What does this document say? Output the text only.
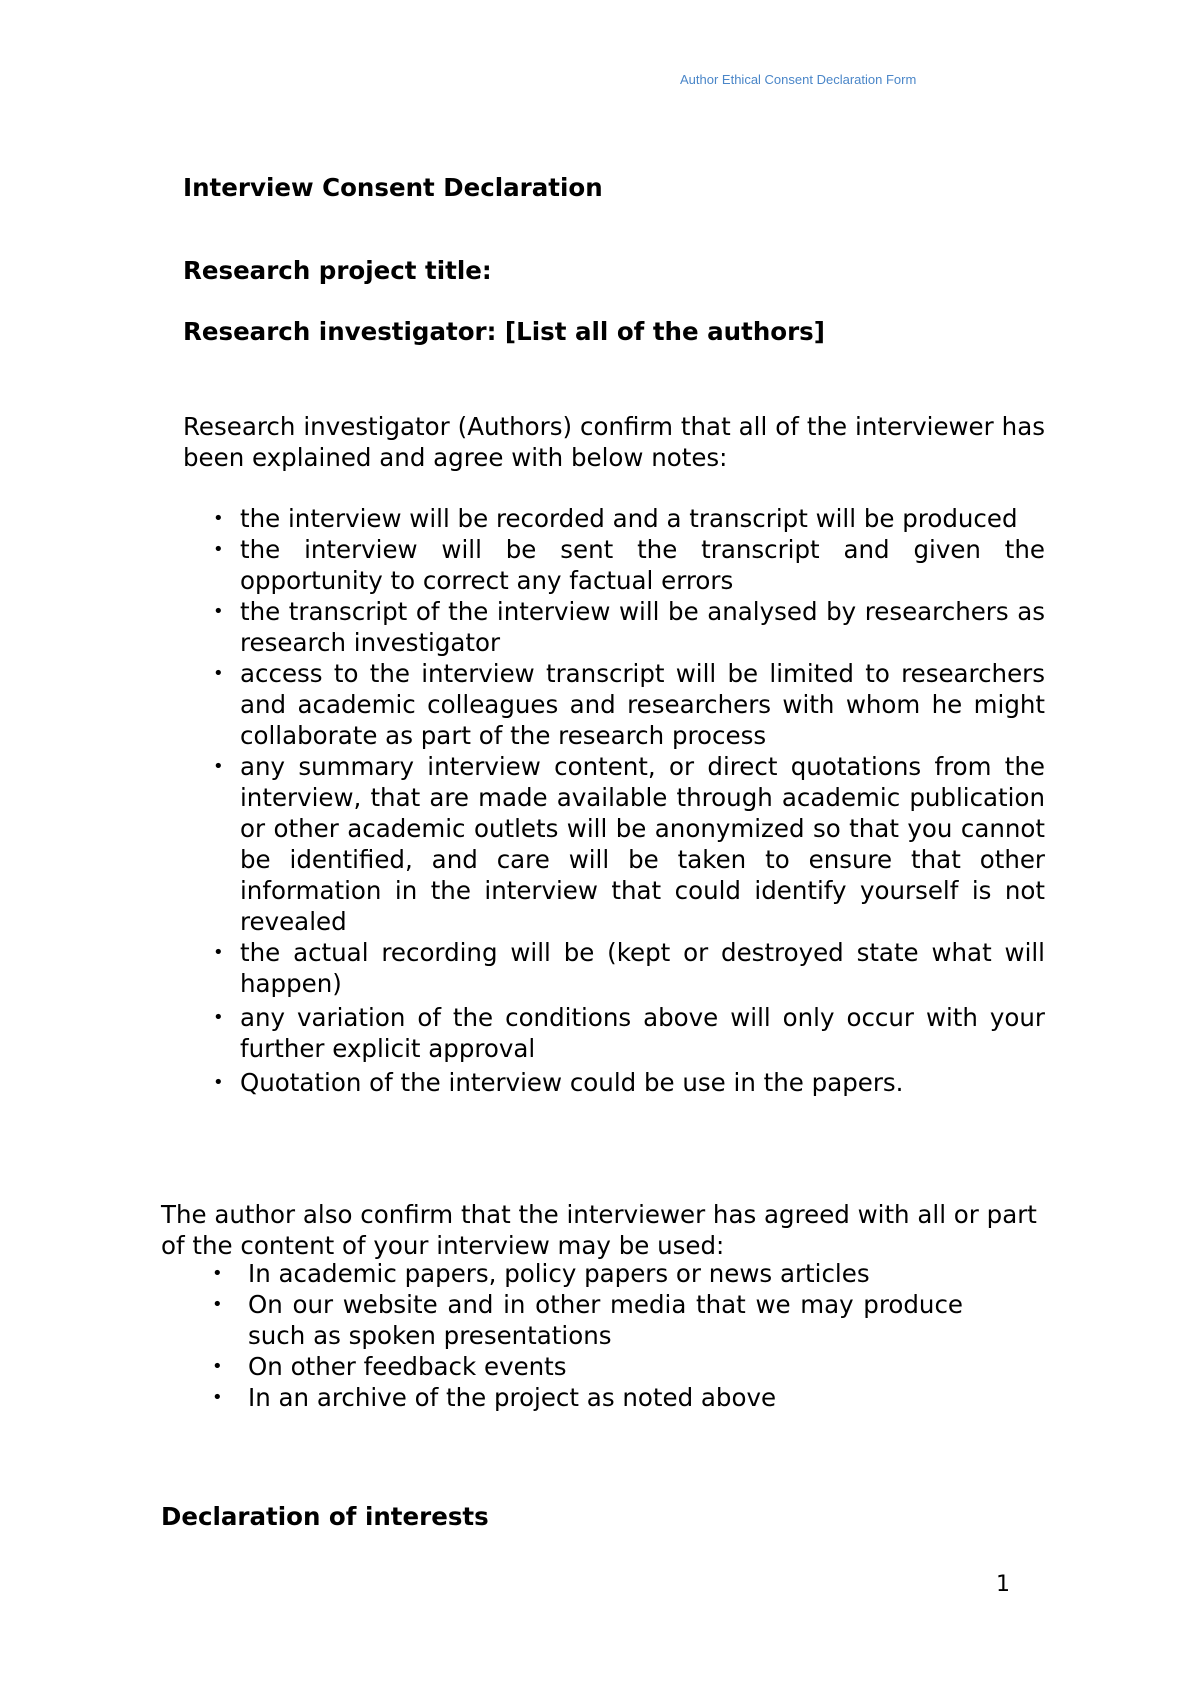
Author Ethical Consent Declaration Form
Interview Consent Declaration
Research project title:
Research investigator: [List all of the authors]
Research investigator (Authors) confirm that all of the interviewer has been explained and agree with below notes:
• the interview will be recorded and a transcript will be produced
• the interview will be sent the transcript and given the opportunity to correct any factual errors
• the transcript of the interview will be analysed by researchers as research investigator
• access to the interview transcript will be limited to researchers and academic colleagues and researchers with whom he might collaborate as part of the research process
• any summary interview content, or direct quotations from the interview, that are made available through academic publication or other academic outlets will be anonymized so that you cannot be identified, and care will be taken to ensure that other information in the interview that could identify yourself is not revealed
• the actual recording will be (kept or destroyed state what will happen)
• any variation of the conditions above will only occur with your further explicit approval
• Quotation of the interview could be use in the papers.
The author also confirm that the interviewer has agreed with all or part of the content of your interview may be used:
• In academic papers, policy papers or news articles
• On our website and in other media that we may produce such as spoken presentations
• On other feedback events
• In an archive of the project as noted above
Declaration of interests
1
